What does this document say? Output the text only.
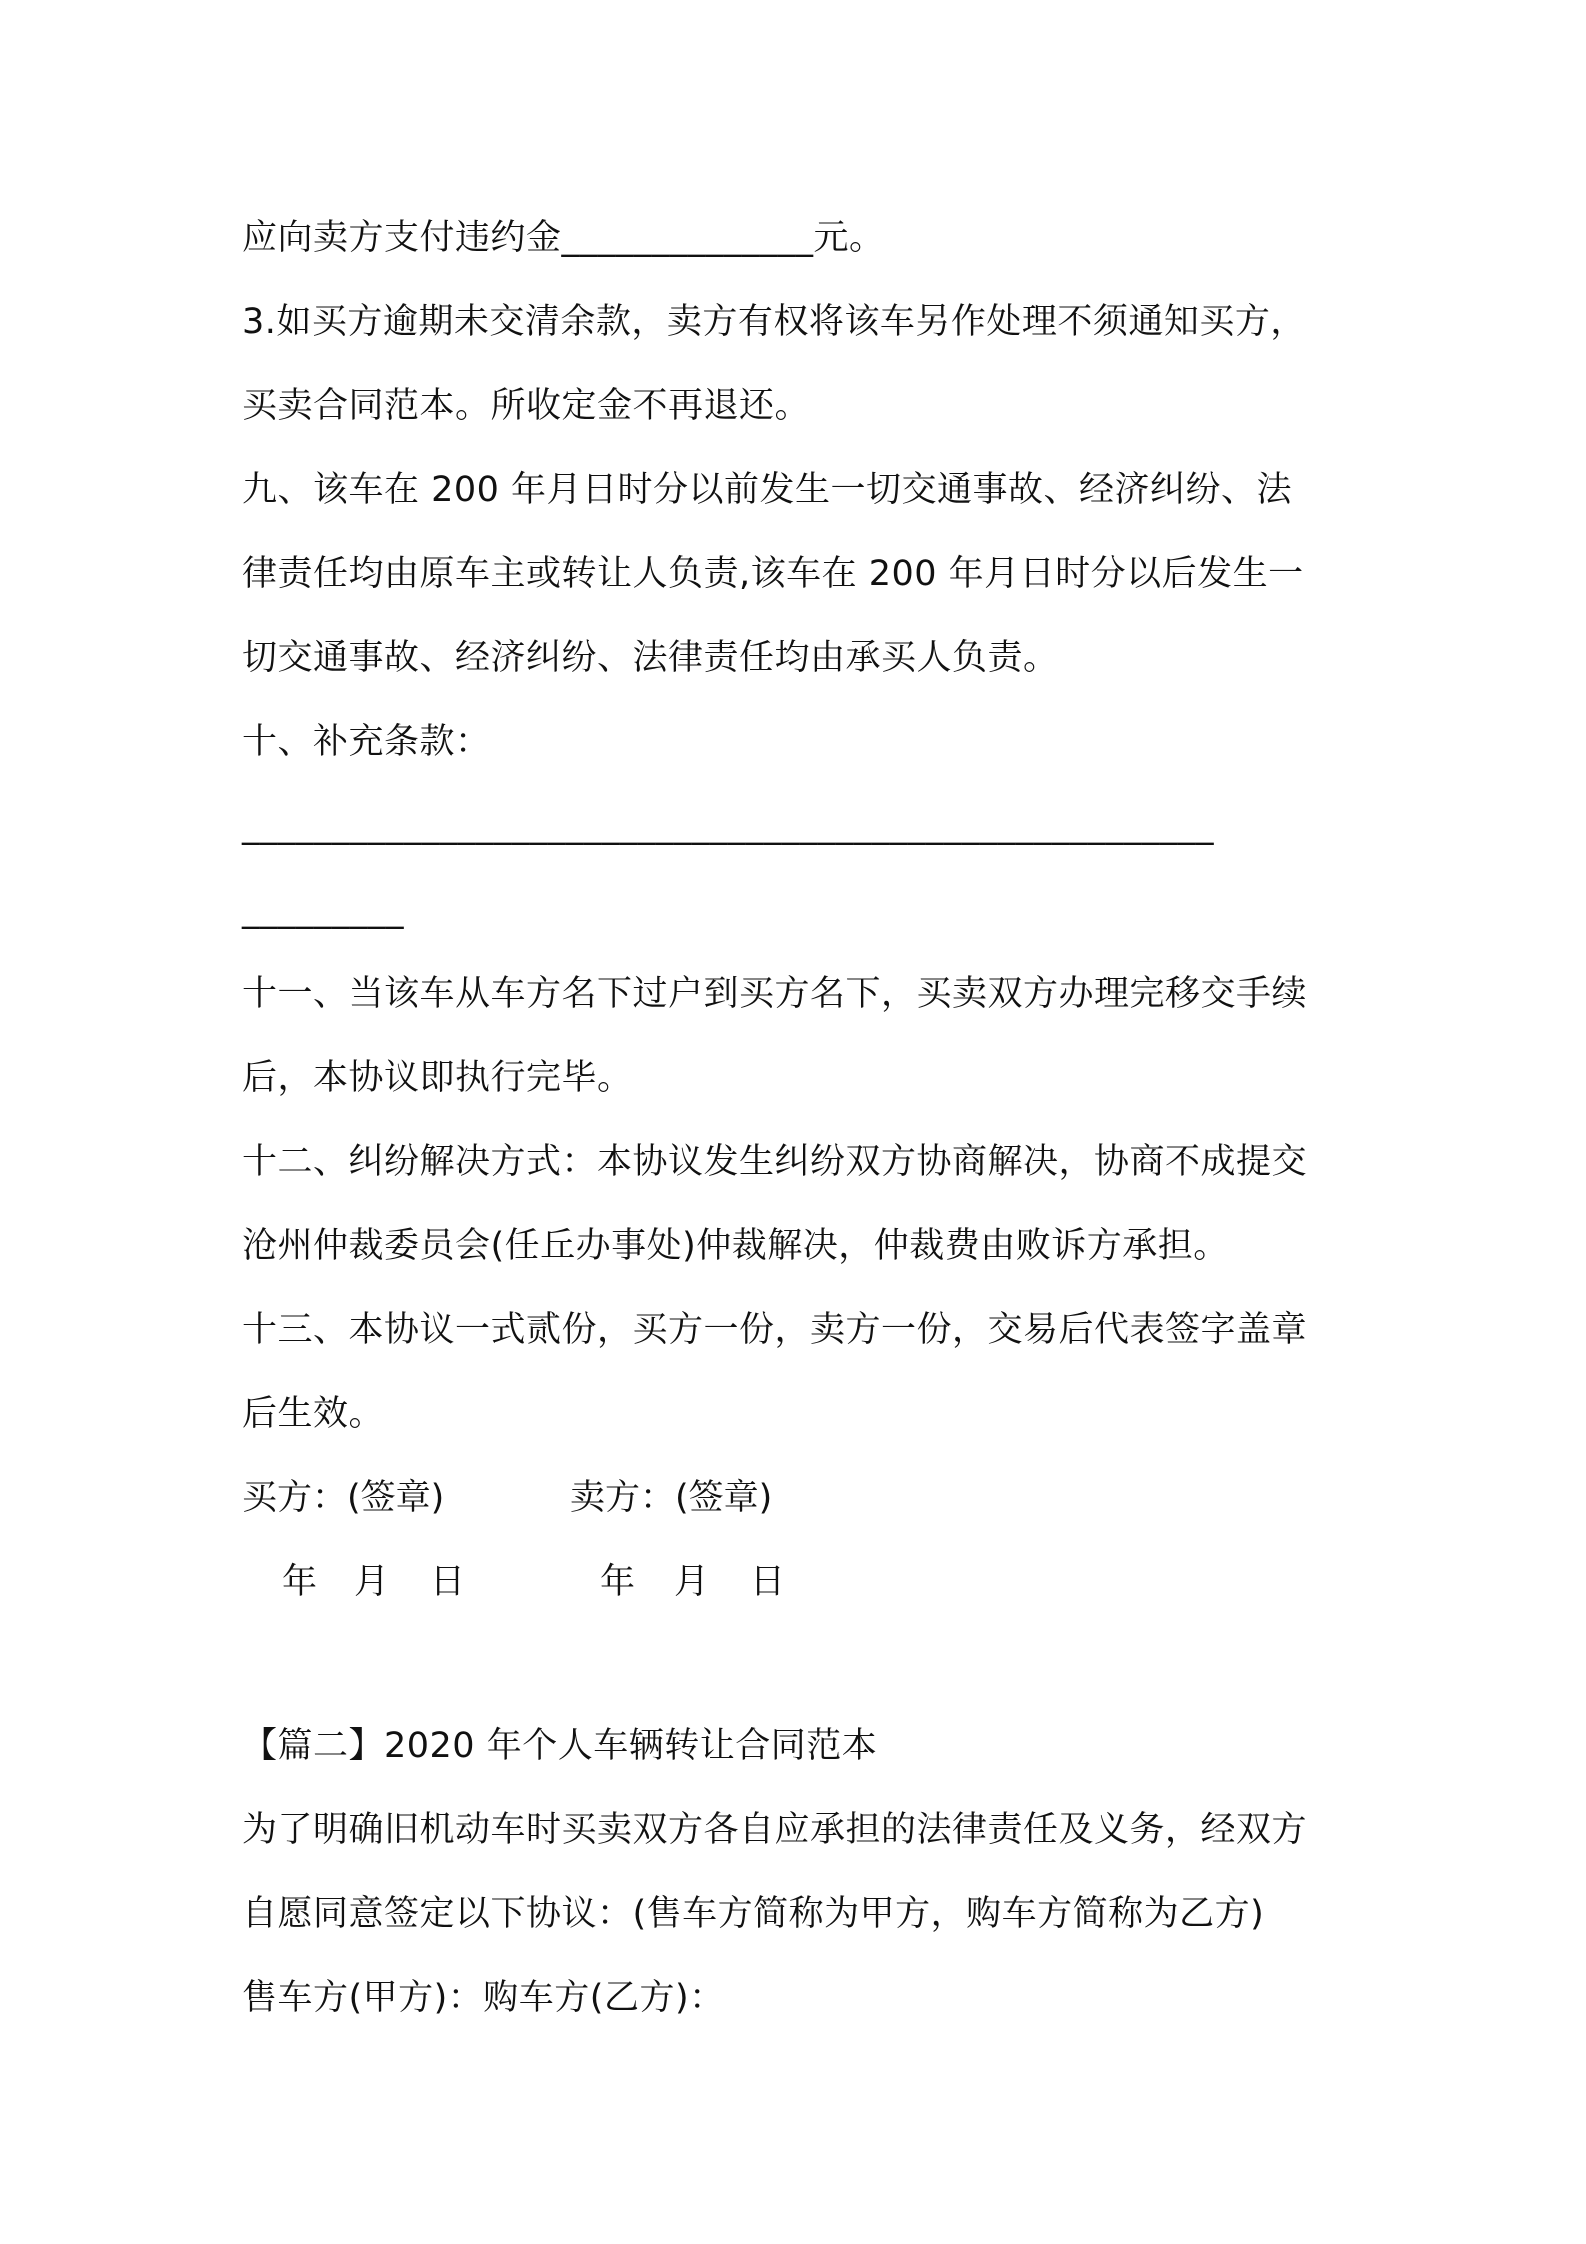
应向卖方支付违约金______________元。
3.如买方逾期未交清余款，卖方有权将该车另作处理不须通知买方，
买卖合同范本。所收定金不再退还。
九、该车在 200 年月日时分以前发生一切交通事故、经济纠纷、法
律责任均由原车主或转让人负责,该车在 200 年月日时分以后发生一
切交通事故、经济纠纷、法律责任均由承买人负责。
十、补充条款：
______________________________________________________
_________
十一、当该车从车方名下过户到买方名下，买卖双方办理完移交手续
后，本协议即执行完毕。
十二、纠纷解决方式：本协议发生纠纷双方协商解决，协商不成提交
沧州仲裁委员会(任丘办事处)仲裁解决，仲裁费由败诉方承担。
十三、本协议一式贰份，买方一份，卖方一份，交易后代表签字盖章
后生效。
买方：(签章)	卖方：(签章)
年 月 日	年 月 日
【篇二】2020 年个人车辆转让合同范本
为了明确旧机动车时买卖双方各自应承担的法律责任及义务，经双方
自愿同意签定以下协议：(售车方简称为甲方，购车方简称为乙方)
售车方(甲方)：购车方(乙方)：
